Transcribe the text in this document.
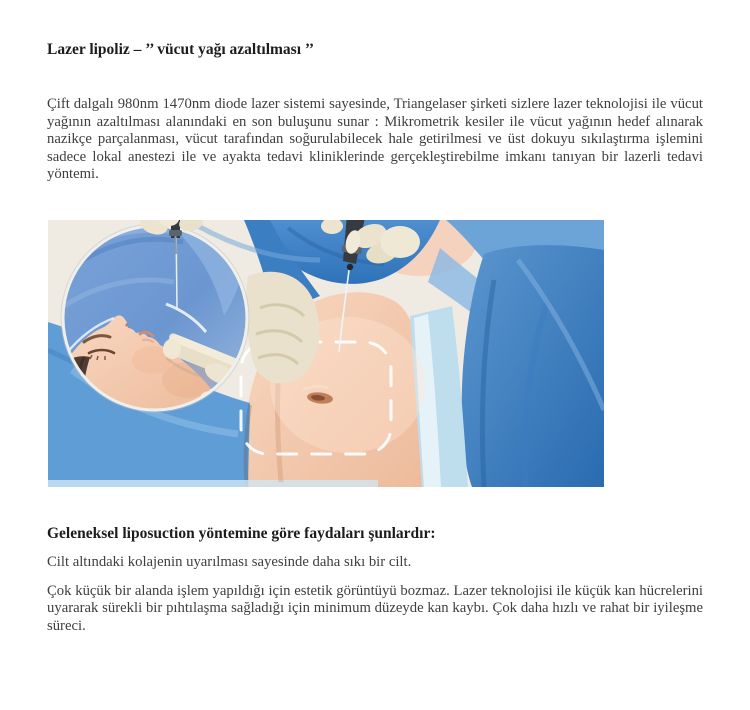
Lazer lipoliz – ’’ vücut yağı azaltılması ’’

Çift dalgalı 980nm 1470nm diode lazer sistemi sayesinde, Triangelaser şirketi sizlere lazer teknolojisi ile vücut yağının azaltılması alanındaki en son buluşunu sunar : Mikrometrik kesiler ile vücut yağının hedef alınarak nazikçe parçalanması, vücut tarafından soğurulabilecek hale getirilmesi ve üst dokuyu sıkılaştırma işlemini sadece lokal anestezi ile ve ayakta tedavi kliniklerinde gerçekleştirebilme imkanı tanıyan bir lazerli tedavi yöntemi.

Geleneksel liposuction yöntemine göre faydaları şunlardır:

Cilt altındaki kolajenin uyarılması sayesinde daha sıkı bir cilt.

Çok küçük bir alanda işlem yapıldığı için estetik görüntüyü bozmaz. Lazer teknolojisi ile küçük kan hücrelerini uyararak sürekli bir pıhtılaşma sağladığı için minimum düzeyde kan kaybı. Çok daha hızlı ve rahat bir iyileşme süreci.
